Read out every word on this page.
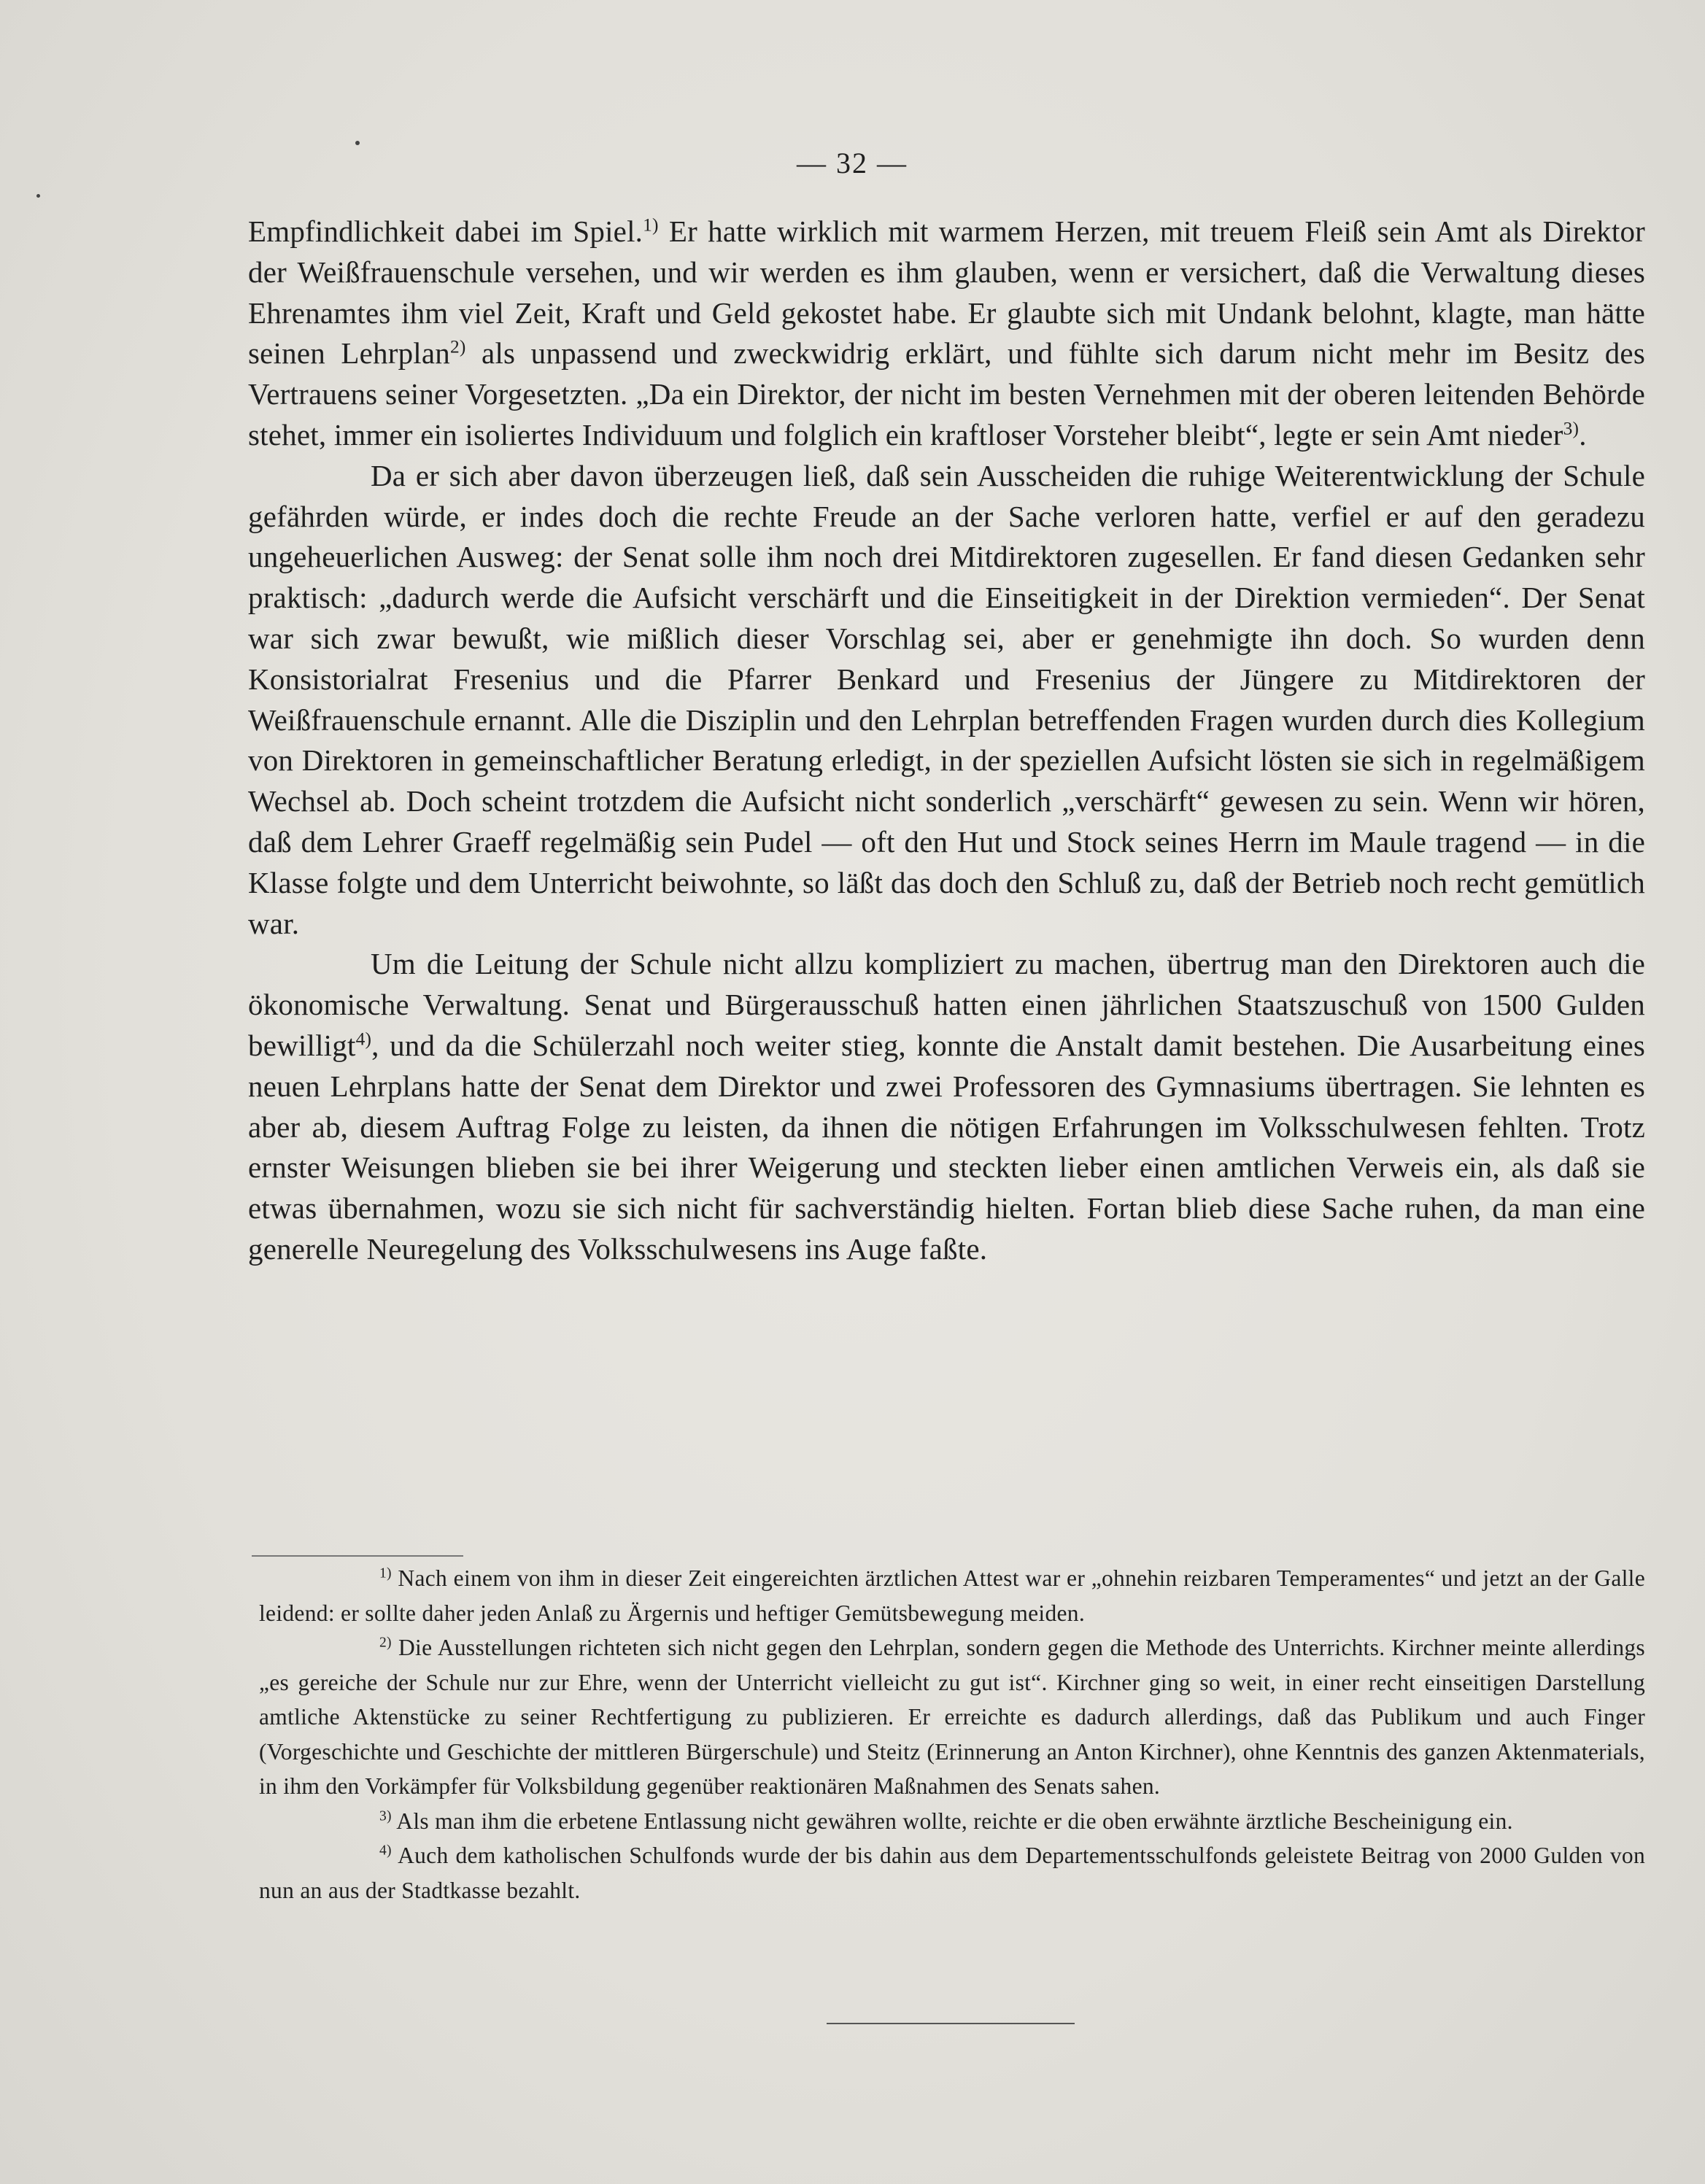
— 32 —

Empfindlichkeit dabei im Spiel.$^{1)}$ Er hatte wirklich mit warmem Herzen, mit treuem Fleiß sein Amt als Direktor der Weißfrauenschule versehen, und wir werden es ihm glauben, wenn er versichert, daß die Verwaltung dieses Ehrenamtes ihm viel Zeit, Kraft und Geld gekostet habe. Er glaubte sich mit Undank belohnt, klagte, man hätte seinen Lehrplan$^{2)}$ als unpassend und zweckwidrig erklärt, und fühlte sich darum nicht mehr im Besitz des Vertrauens seiner Vorgesetzten. „Da ein Direktor, der nicht im besten Vernehmen mit der oberen leitenden Behörde stehet, immer ein isoliertes Individuum und folglich ein kraftloser Vorsteher bleibt“, legte er sein Amt nieder$^{3)}$.

Da er sich aber davon überzeugen ließ, daß sein Ausscheiden die ruhige Weiterentwicklung der Schule gefährden würde, er indes doch die rechte Freude an der Sache verloren hatte, verfiel er auf den geradezu ungeheuerlichen Ausweg: der Senat solle ihm noch drei Mitdirektoren zugesellen. Er fand diesen Gedanken sehr praktisch: „dadurch werde die Aufsicht verschärft und die Einseitigkeit in der Direktion vermieden“. Der Senat war sich zwar bewußt, wie mißlich dieser Vorschlag sei, aber er genehmigte ihn doch. So wurden denn Konsistorialrat Fresenius und die Pfarrer Benkard und Fresenius der Jüngere zu Mitdirektoren der Weißfrauenschule ernannt. Alle die Disziplin und den Lehrplan betreffenden Fragen wurden durch dies Kollegium von Direktoren in gemeinschaftlicher Beratung erledigt, in der speziellen Aufsicht lösten sie sich in regelmäßigem Wechsel ab. Doch scheint trotzdem die Aufsicht nicht sonderlich „verschärft“ gewesen zu sein. Wenn wir hören, daß dem Lehrer Graeff regelmäßig sein Pudel — oft den Hut und Stock seines Herrn im Maule tragend — in die Klasse folgte und dem Unterricht beiwohnte, so läßt das doch den Schluß zu, daß der Betrieb noch recht gemütlich war.

Um die Leitung der Schule nicht allzu kompliziert zu machen, übertrug man den Direktoren auch die ökonomische Verwaltung. Senat und Bürgerausschuß hatten einen jährlichen Staatszuschuß von 1500 Gulden bewilligt$^{4)}$, und da die Schülerzahl noch weiter stieg, konnte die Anstalt damit bestehen. Die Ausarbeitung eines neuen Lehrplans hatte der Senat dem Direktor und zwei Professoren des Gymnasiums übertragen. Sie lehnten es aber ab, diesem Auftrag Folge zu leisten, da ihnen die nötigen Erfahrungen im Volksschulwesen fehlten. Trotz ernster Weisungen blieben sie bei ihrer Weigerung und steckten lieber einen amtlichen Verweis ein, als daß sie etwas übernahmen, wozu sie sich nicht für sachverständig hielten. Fortan blieb diese Sache ruhen, da man eine generelle Neuregelung des Volksschulwesens ins Auge faßte.

$^{1)}$ Nach einem von ihm in dieser Zeit eingereichten ärztlichen Attest war er „ohnehin reizbaren Temperamentes“ und jetzt an der Galle leidend: er sollte daher jeden Anlaß zu Ärgernis und heftiger Gemütsbewegung meiden.

$^{2)}$ Die Ausstellungen richteten sich nicht gegen den Lehrplan, sondern gegen die Methode des Unterrichts. Kirchner meinte allerdings „es gereiche der Schule nur zur Ehre, wenn der Unterricht vielleicht zu gut ist“. Kirchner ging so weit, in einer recht einseitigen Darstellung amtliche Aktenstücke zu seiner Rechtfertigung zu publizieren. Er erreichte es dadurch allerdings, daß das Publikum und auch Finger (Vorgeschichte und Geschichte der mittleren Bürgerschule) und Steitz (Erinnerung an Anton Kirchner), ohne Kenntnis des ganzen Aktenmaterials, in ihm den Vorkämpfer für Volksbildung gegenüber reaktionären Maßnahmen des Senats sahen.

$^{3)}$ Als man ihm die erbetene Entlassung nicht gewähren wollte, reichte er die oben erwähnte ärztliche Bescheinigung ein.

$^{4)}$ Auch dem katholischen Schulfonds wurde der bis dahin aus dem Departementsschulfonds geleistete Beitrag von 2000 Gulden von nun an aus der Stadtkasse bezahlt.
